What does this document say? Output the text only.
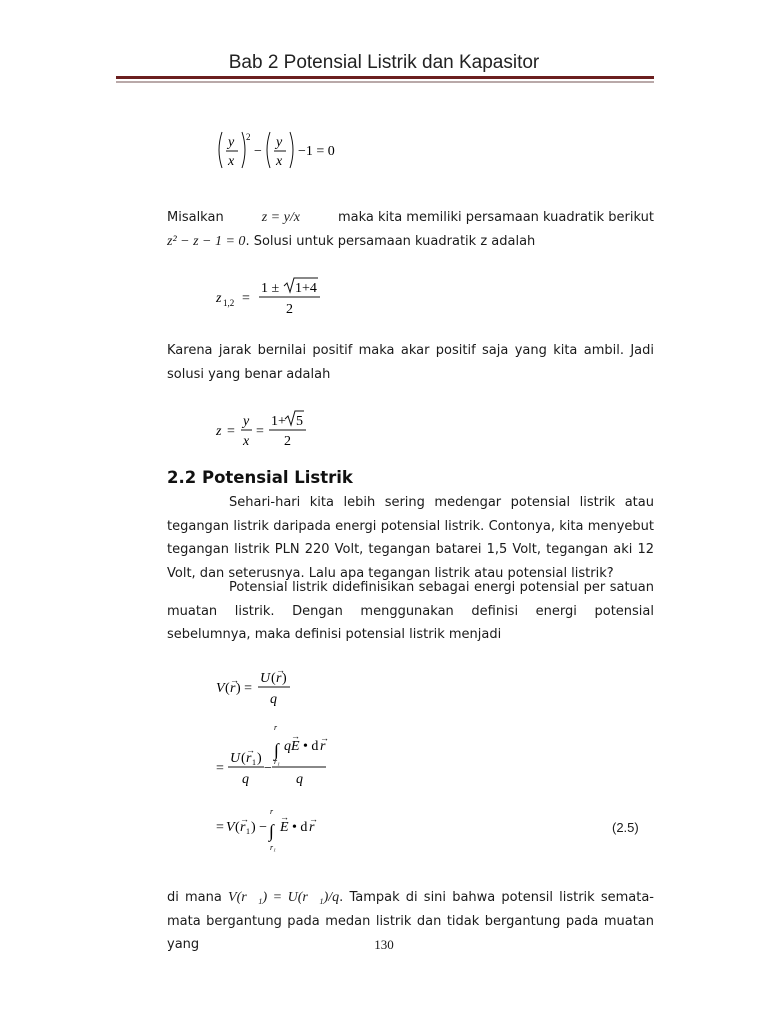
Bab 2 Potensial Listrik dan Kapasitor
y
x
2
−
y
x
−1 = 0
Misalkan	z = y/x	maka kita memiliki persamaan kuadratik berikut
z² − z − 1 = 0. Solusi untuk persamaan kuadratik z adalah
z 1,2 =
1 ± 1+4
2
Karena jarak bernilai positif maka akar positif saja yang kita ambil. Jadi solusi yang benar adalah
z =
y
x
=
1+ 5
2
2.2 Potensial Listrik
Sehari-hari kita lebih sering medengar potensial listrik atau tegangan listrik daripada energi potensial listrik. Contonya, kita menyebut tegangan listrik PLN 220 Volt, tegangan batarei 1,5 Volt, tegangan aki 12 Volt, dan seterusnya. Lalu apa tegangan listrik atau potensial listrik?
Potensial listrik didefinisikan sebagai energi potensial per satuan muatan listrik. Dengan menggunakan definisi energi potensial sebelumnya, maka definisi potensial listrik menjadi
V ( r
→
) =
U ( r
→
)
q
r
∫
r₁
qE
→
• d r
→
=
U ( r
→
1 )
q
−
q
= V ( r
→
1 ) −
r
∫
r₁
E
→
• d r
→
(2.5)
di mana V(r⃗₁) = U(r⃗₁)/q. Tampak di sini bahwa potensil listrik semata-mata bergantung pada medan listrik dan tidak bergantung pada muatan yang	130
